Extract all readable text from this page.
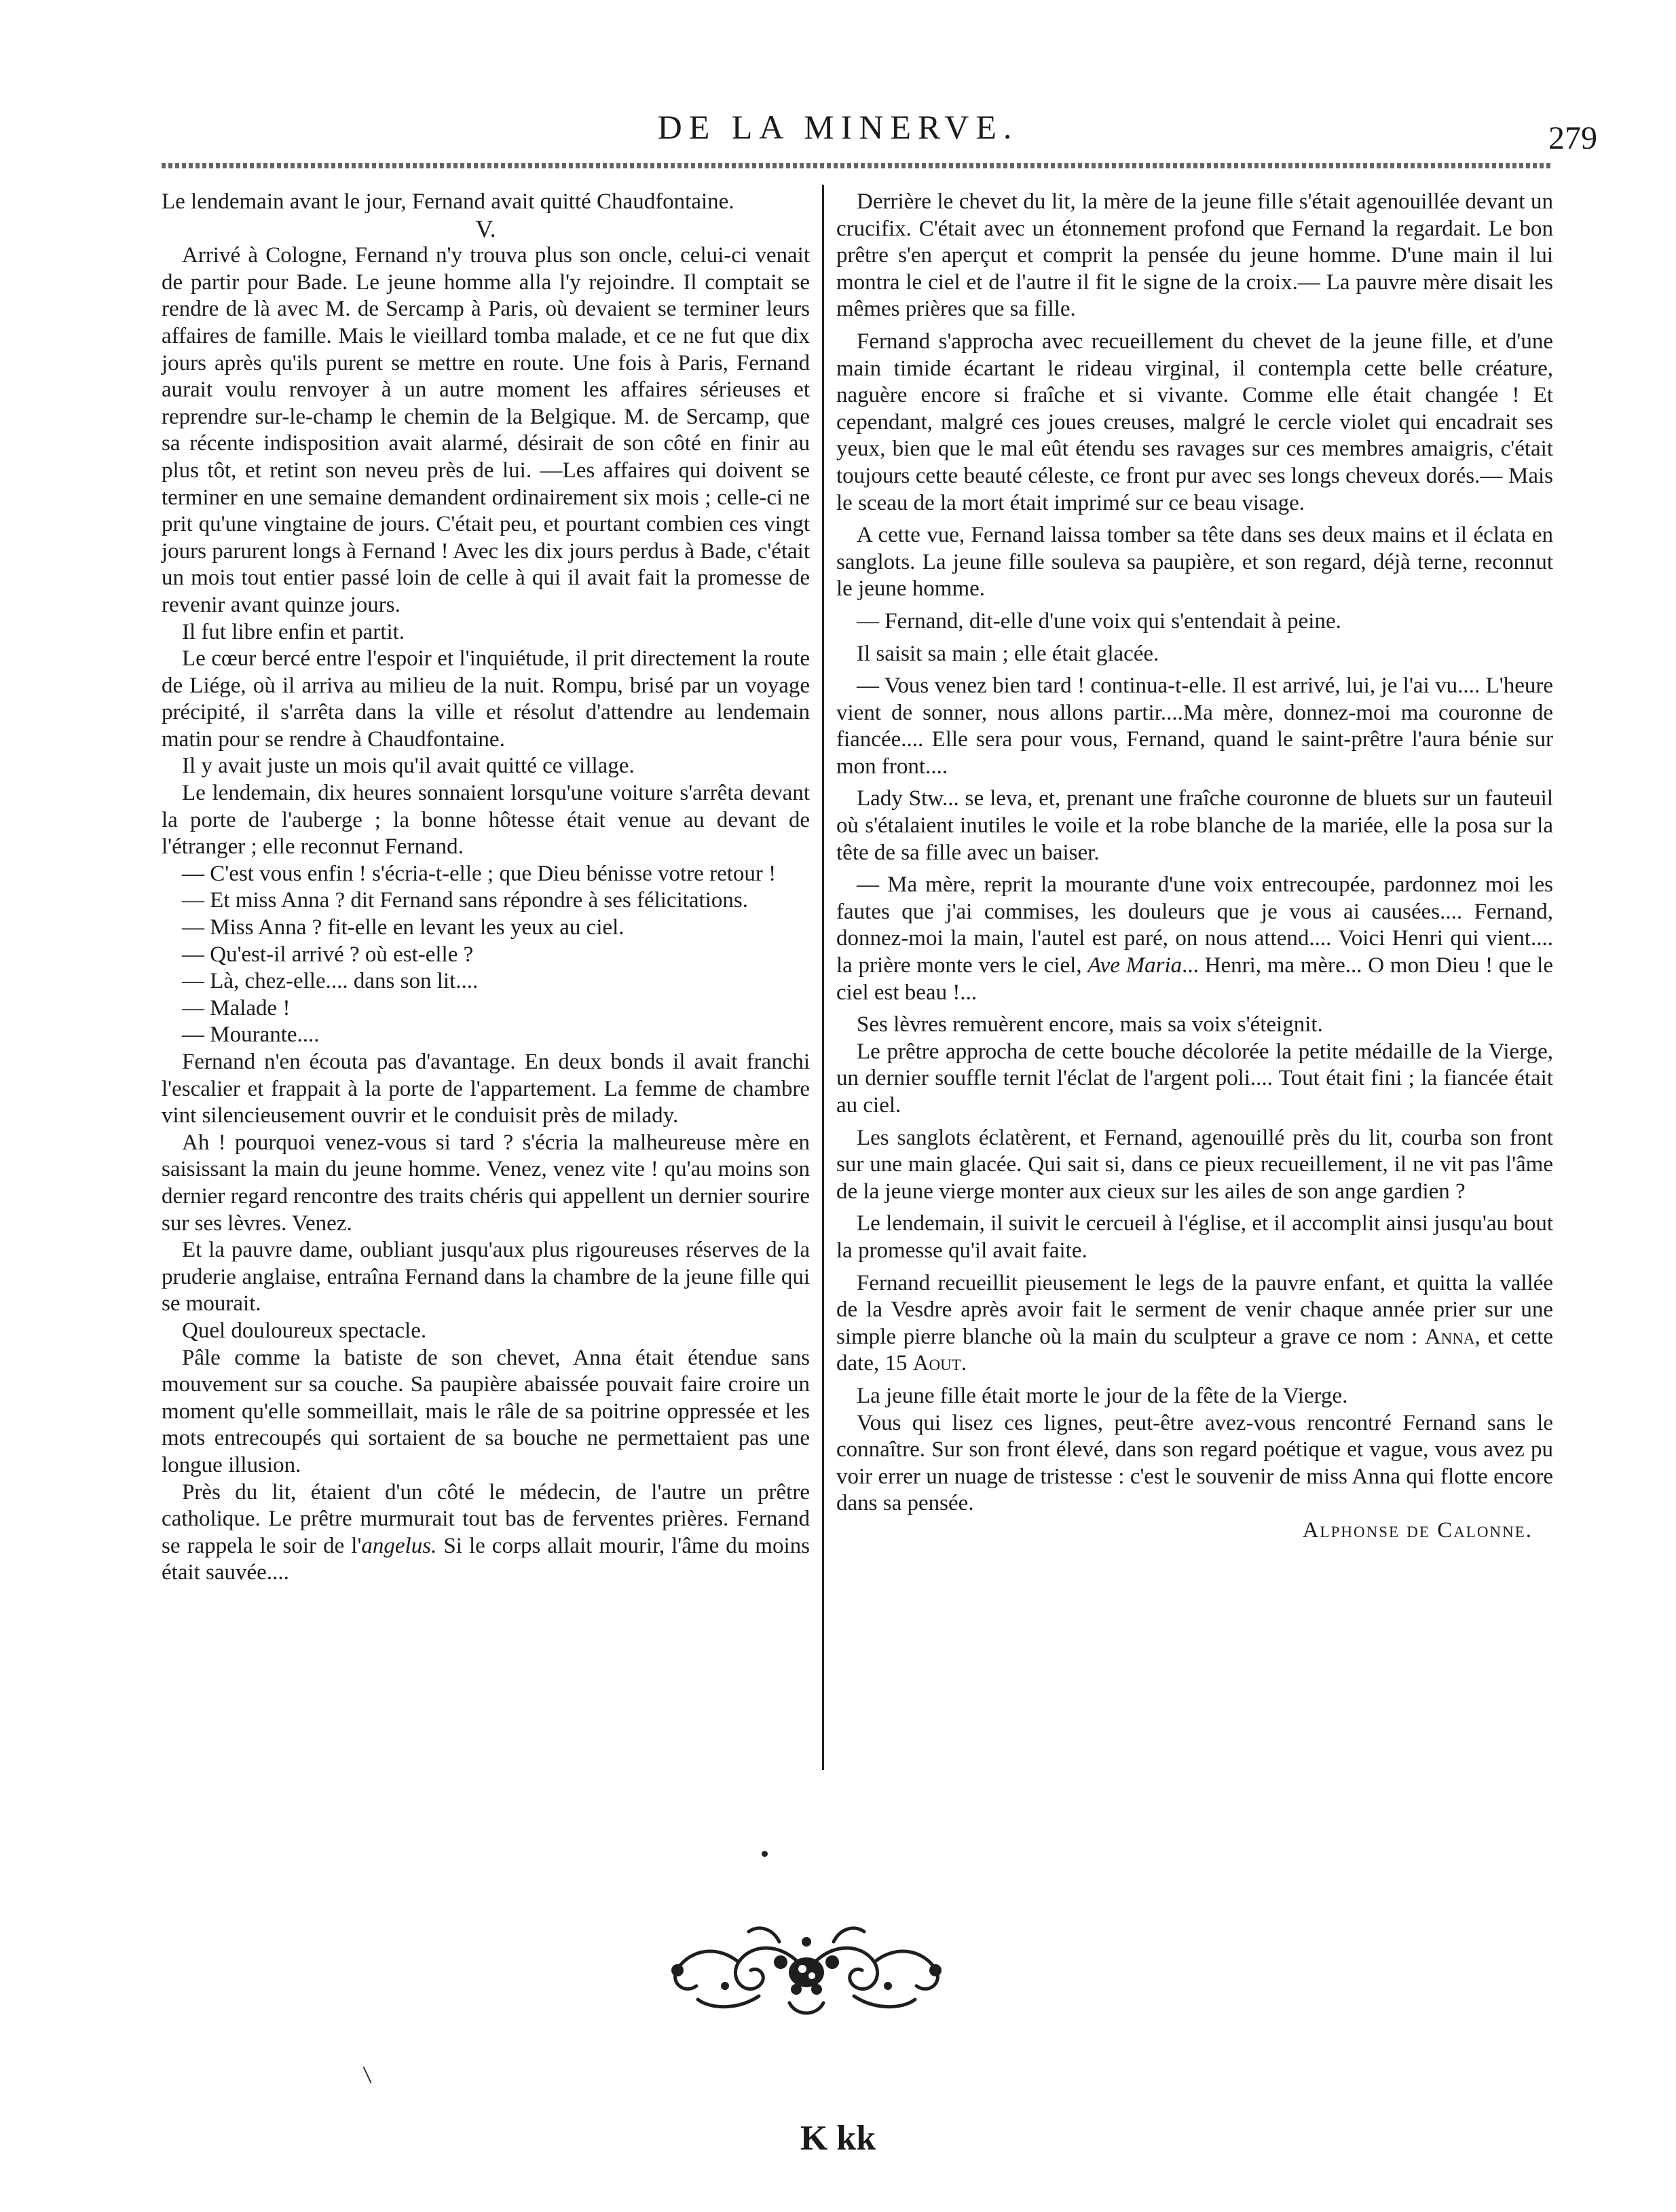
DE LA MINERVE.	279

Le lendemain avant le jour, Fernand avait quitté Chaudfontaine.

V.

Arrivé à Cologne, Fernand n'y trouva plus son oncle, celui-ci venait de partir pour Bade. Le jeune homme alla l'y rejoindre. Il comptait se rendre de là avec M. de Sercamp à Paris, où devaient se terminer leurs affaires de famille. Mais le vieillard tomba malade, et ce ne fut que dix jours après qu'ils purent se mettre en route. Une fois à Paris, Fernand aurait voulu renvoyer à un autre moment les affaires sérieuses et reprendre sur-le-champ le chemin de la Belgique. M. de Sercamp, que sa récente indisposition avait alarmé, désirait de son côté en finir au plus tôt, et retint son neveu près de lui. —Les affaires qui doivent se terminer en une semaine demandent ordinairement six mois ; celle-ci ne prit qu'une vingtaine de jours. C'était peu, et pourtant combien ces vingt jours parurent longs à Fernand ! Avec les dix jours perdus à Bade, c'était un mois tout entier passé loin de celle à qui il avait fait la promesse de revenir avant quinze jours.

Il fut libre enfin et partit.

Le cœur bercé entre l'espoir et l'inquiétude, il prit directement la route de Liége, où il arriva au milieu de la nuit. Rompu, brisé par un voyage précipité, il s'arrêta dans la ville et résolut d'attendre au lendemain matin pour se rendre à Chaudfontaine.

Il y avait juste un mois qu'il avait quitté ce village.

Le lendemain, dix heures sonnaient lorsqu'une voiture s'arrêta devant la porte de l'auberge ; la bonne hôtesse était venue au devant de l'étranger ; elle reconnut Fernand.

— C'est vous enfin ! s'écria-t-elle ; que Dieu bénisse votre retour !

— Et miss Anna ? dit Fernand sans répondre à ses félicitations.

— Miss Anna ? fit-elle en levant les yeux au ciel.

— Qu'est-il arrivé ? où est-elle ?

— Là, chez-elle.... dans son lit....

— Malade !

— Mourante....

Fernand n'en écouta pas d'avantage. En deux bonds il avait franchi l'escalier et frappait à la porte de l'appartement. La femme de chambre vint silencieusement ouvrir et le conduisit près de milady.

Ah ! pourquoi venez-vous si tard ? s'écria la malheureuse mère en saisissant la main du jeune homme. Venez, venez vite ! qu'au moins son dernier regard rencontre des traits chéris qui appellent un dernier sourire sur ses lèvres. Venez.

Et la pauvre dame, oubliant jusqu'aux plus rigoureuses réserves de la pruderie anglaise, entraîna Fernand dans la chambre de la jeune fille qui se mourait.

Quel douloureux spectacle.

Pâle comme la batiste de son chevet, Anna était étendue sans mouvement sur sa couche. Sa paupière abaissée pouvait faire croire un moment qu'elle sommeillait, mais le râle de sa poitrine oppressée et les mots entrecoupés qui sortaient de sa bouche ne permettaient pas une longue illusion.

Près du lit, étaient d'un côté le médecin, de l'autre un prêtre catholique. Le prêtre murmurait tout bas de ferventes prières. Fernand se rappela le soir de l'angelus. Si le corps allait mourir, l'âme du moins était sauvée....

Derrière le chevet du lit, la mère de la jeune fille s'était agenouillée devant un crucifix. C'était avec un étonnement profond que Fernand la regardait. Le bon prêtre s'en aperçut et comprit la pensée du jeune homme. D'une main il lui montra le ciel et de l'autre il fit le signe de la croix.— La pauvre mère disait les mêmes prières que sa fille.

Fernand s'approcha avec recueillement du chevet de la jeune fille, et d'une main timide écartant le rideau virginal, il contempla cette belle créature, naguère encore si fraîche et si vivante. Comme elle était changée ! Et cependant, malgré ces joues creuses, malgré le cercle violet qui encadrait ses yeux, bien que le mal eût étendu ses ravages sur ces membres amaigris, c'était toujours cette beauté céleste, ce front pur avec ses longs cheveux dorés.— Mais le sceau de la mort était imprimé sur ce beau visage.

A cette vue, Fernand laissa tomber sa tête dans ses deux mains et il éclata en sanglots. La jeune fille souleva sa paupière, et son regard, déjà terne, reconnut le jeune homme.

— Fernand, dit-elle d'une voix qui s'entendait à peine.

Il saisit sa main ; elle était glacée.

— Vous venez bien tard ! continua-t-elle. Il est arrivé, lui, je l'ai vu.... L'heure vient de sonner, nous allons partir....Ma mère, donnez-moi ma couronne de fiancée.... Elle sera pour vous, Fernand, quand le saint-prêtre l'aura bénie sur mon front....

Lady Stw... se leva, et, prenant une fraîche couronne de bluets sur un fauteuil où s'étalaient inutiles le voile et la robe blanche de la mariée, elle la posa sur la tête de sa fille avec un baiser.

— Ma mère, reprit la mourante d'une voix entrecoupée, pardonnez moi les fautes que j'ai commises, les douleurs que je vous ai causées.... Fernand, donnez-moi la main, l'autel est paré, on nous attend.... Voici Henri qui vient.... la prière monte vers le ciel, Ave Maria... Henri, ma mère... O mon Dieu ! que le ciel est beau !...

Ses lèvres remuèrent encore, mais sa voix s'éteignit.

Le prêtre approcha de cette bouche décolorée la petite médaille de la Vierge, un dernier souffle ternit l'éclat de l'argent poli.... Tout était fini ; la fiancée était au ciel.

Les sanglots éclatèrent, et Fernand, agenouillé près du lit, courba son front sur une main glacée. Qui sait si, dans ce pieux recueillement, il ne vit pas l'âme de la jeune vierge monter aux cieux sur les ailes de son ange gardien ?

Le lendemain, il suivit le cercueil à l'église, et il accomplit ainsi jusqu'au bout la promesse qu'il avait faite.

Fernand recueillit pieusement le legs de la pauvre enfant, et quitta la vallée de la Vesdre après avoir fait le serment de venir chaque année prier sur une simple pierre blanche où la main du sculpteur a grave ce nom : Anna, et cette date, 15 Aout.

La jeune fille était morte le jour de la fête de la Vierge.

Vous qui lisez ces lignes, peut-être avez-vous rencontré Fernand sans le connaître. Sur son front élevé, dans son regard poétique et vague, vous avez pu voir errer un nuage de tristesse : c'est le souvenir de miss Anna qui flotte encore dans sa pensée.

Alphonse de Calonne.

K kk
